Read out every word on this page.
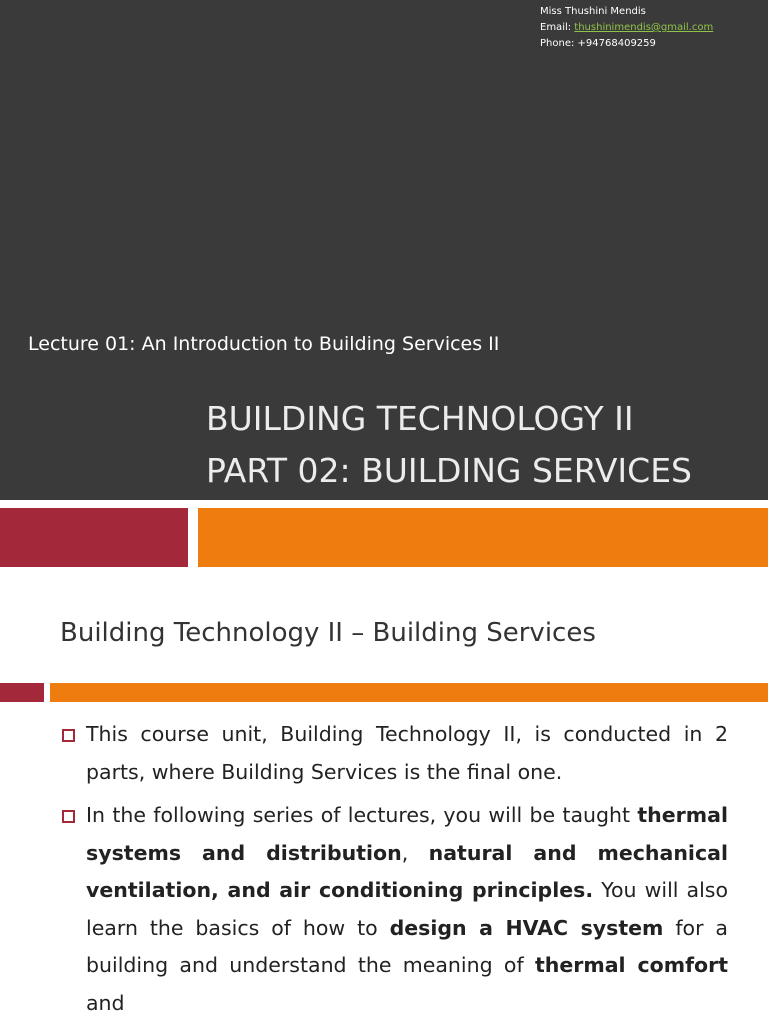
Miss Thushini Mendis
Email: thushinimendis@gmail.com
Phone: +94768409259
Lecture 01: An Introduction to Building Services II
BUILDING TECHNOLOGY II
PART 02: BUILDING SERVICES
Building Technology II – Building Services
This course unit, Building Technology II, is conducted in 2 parts, where Building Services is the final one.
In the following series of lectures, you will be taught thermal systems and distribution, natural and mechanical ventilation, and air conditioning principles. You will also learn the basics of how to design a HVAC system for a building and understand the meaning of thermal comfort and
